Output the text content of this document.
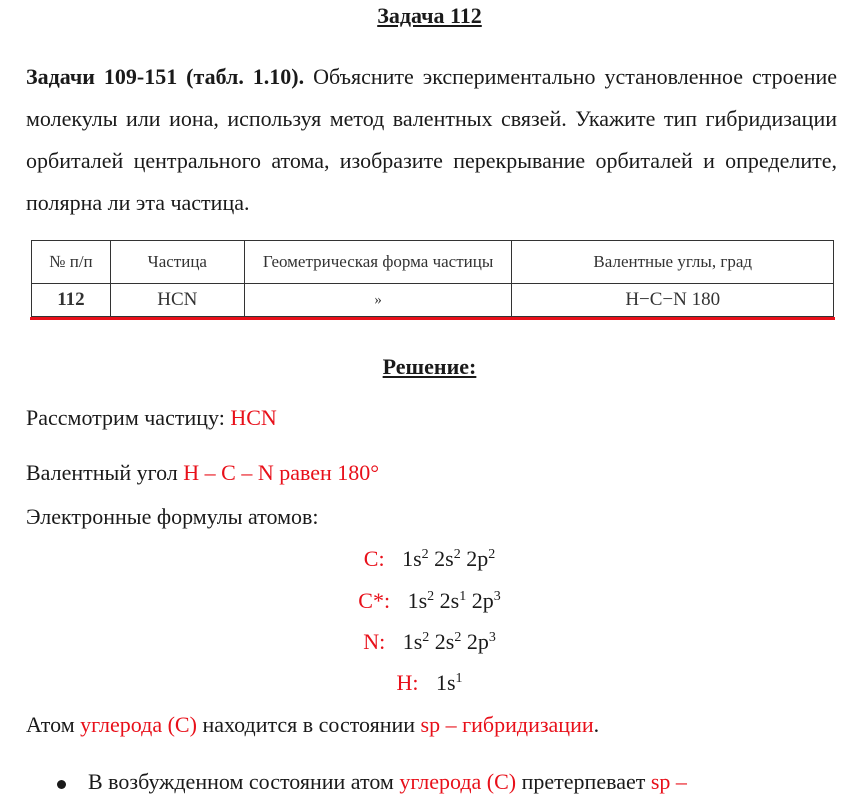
Задача 112
Задачи 109-151 (табл. 1.10). Объясните экспериментально установленное строение молекулы или иона, используя метод валентных связей. Укажите тип гибридизации орбиталей центрального атома, изобразите перекрывание орбиталей и определите, полярна ли эта частица.
№ п/п	Частица	Геометрическая форма частицы	Валентные углы, град
112	HCN	»	H−C−N 180
Решение:
Рассмотрим частицу: HCN
Валентный угол H – C – N равен 180°
Электронные формулы атомов:
C: $1s^2$ $2s^2$ $2p^2$
C*: $1s^2$ $2s^1$ $2p^3$
N: $1s^2$ $2s^2$ $2p^3$
H: $1s^1$
Атом углерода (С) находится в состоянии sp – гибридизации.
В возбужденном состоянии атом углерода (С) претерпевает sp –
